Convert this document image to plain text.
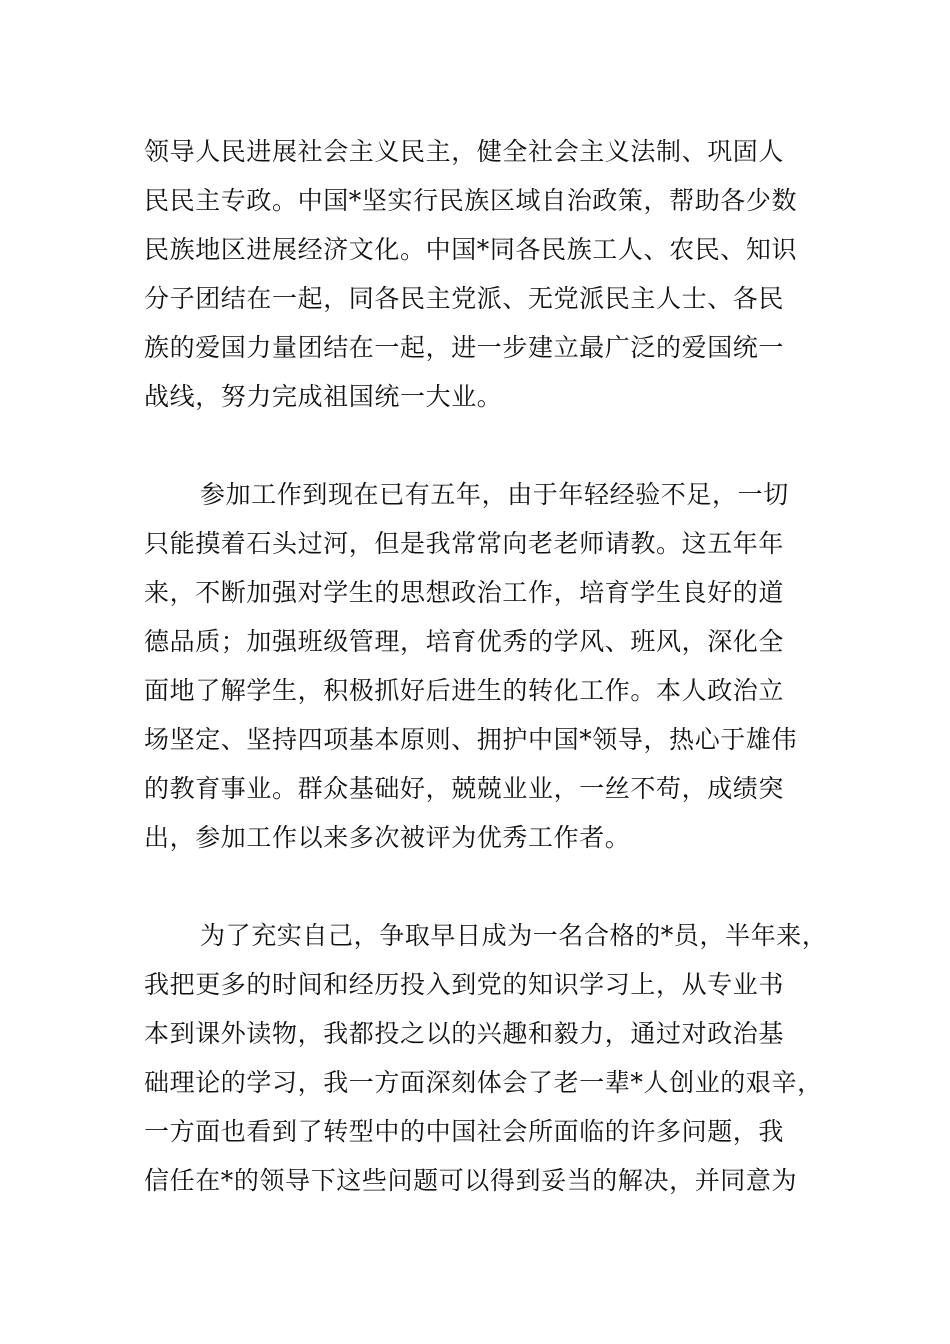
领导人民进展社会主义民主，健全社会主义法制、巩固人
民民主专政。中国*坚实行民族区域自治政策，帮助各少数
民族地区进展经济文化。中国*同各民族工人、农民、知识
分子团结在一起，同各民主党派、无党派民主人士、各民
族的爱国力量团结在一起，进一步建立最广泛的爱国统一
战线，努力完成祖国统一大业。
参加工作到现在已有五年，由于年轻经验不足，一切
只能摸着石头过河，但是我常常向老老师请教。这五年年
来，不断加强对学生的思想政治工作，培育学生良好的道
德品质；加强班级管理，培育优秀的学风、班风，深化全
面地了解学生，积极抓好后进生的转化工作。本人政治立
场坚定、坚持四项基本原则、拥护中国*领导，热心于雄伟
的教育事业。群众基础好，兢兢业业，一丝不苟，成绩突
出，参加工作以来多次被评为优秀工作者。
为了充实自己，争取早日成为一名合格的*员，半年来，
我把更多的时间和经历投入到党的知识学习上，从专业书
本到课外读物，我都投之以的兴趣和毅力，通过对政治基
础理论的学习，我一方面深刻体会了老一辈*人创业的艰辛，
一方面也看到了转型中的中国社会所面临的许多问题，我
信任在*的领导下这些问题可以得到妥当的解决，并同意为
